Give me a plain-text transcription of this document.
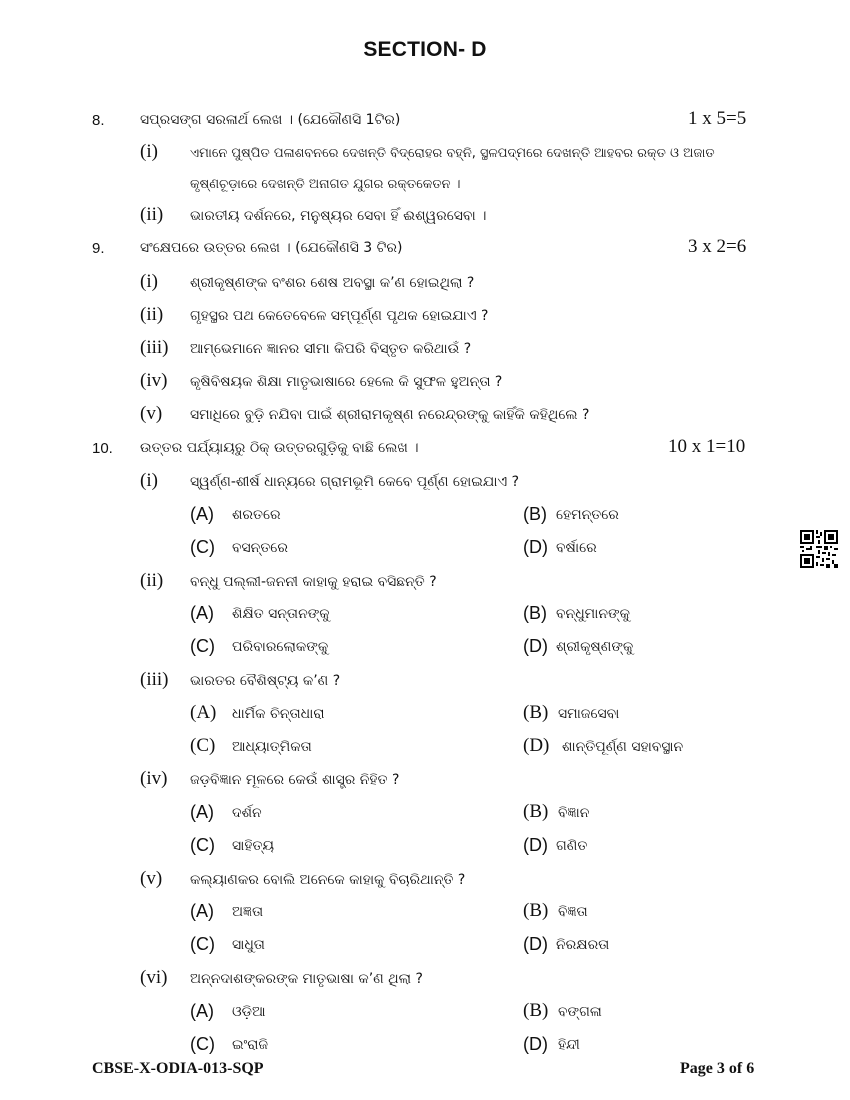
SECTION- D
8.	ସପ୍ରସଙ୍ଗ ସରଳାର୍ଥ ଲେଖ । (ଯେକୌଣସି 1ଟିର)	1 x 5=5
(i) ଏମାନେ ପୁଷ୍ପିତ ପଳାଶବନରେ ଦେଖନ୍ତି ବିଦ୍ରୋହର ବହ୍ନି, ସ୍ଥଳପଦ୍ମରେ ଦେଖନ୍ତି ଆହବର ରକ୍ତ ଓ ଅଜାତ
କୃଷ୍ଣଚୂଡ଼ାରେ ଦେଖନ୍ତି ଅନାଗତ ଯୁଗର ରକ୍ତକେତନ ।
(ii) ଭାରତୀୟ ଦର୍ଶନରେ, ମନୁଷ୍ୟର ସେବା ହିଁ ଈଶ୍ୱରସେବା ।
9.	ସଂକ୍ଷେପରେ ଉତ୍ତର ଲେଖ । (ଯେକୌଣସି 3 ଟିର)	3 x 2=6
(i) ଶ୍ରୀକୃଷ୍ଣଙ୍କ ବଂଶର ଶେଷ ଅବସ୍ଥା କ’ଣ ହୋଇଥିଲା ?
(ii) ଗୃହସ୍ଥର ପଥ କେତେବେଳେ ସମ୍ପୂର୍ଣ୍ଣ ପୃଥକ ହୋଇଯାଏ ?
(iii) ଆମ୍ଭେମାନେ ଜ୍ଞାନର ସୀମା କିପରି ବିସ୍ତୃତ କରିଥାଉଁ ?
(iv) କୃଷିବିଷୟକ ଶିକ୍ଷା ମାତୃଭାଷାରେ ହେଲେ କି ସୁଫଳ ହୁଅନ୍ତା ?
(v) ସମାଧିରେ ବୁଡ଼ି ନଯିବା ପାଇଁ ଶ୍ରୀରାମକୃଷ୍ଣ ନରେନ୍ଦ୍ରଙ୍କୁ କାହିଁକି କହିଥିଲେ ?
10. ଉତ୍ତର ପର୍ଯ୍ୟାୟରୁ ଠିକ୍ ଉତ୍ତରଗୁଡ଼ିକୁ ବାଛି ଲେଖ ।	10 x 1=10
(i) ସ୍ୱର୍ଣ୍ଣ-ଶୀର୍ଷ ଧାନ୍ୟରେ ଗ୍ରାମଭୂମି କେବେ ପୂର୍ଣ୍ଣ ହୋଇଯାଏ ?
(A) ଶରତରେ	(B) ହେମନ୍ତରେ
(C) ବସନ୍ତରେ	(D) ବର୍ଷାରେ
(ii) ବନ୍ଧୁ ପଲ୍ଲୀ-ଜନନୀ କାହାକୁ ହରାଇ ବସିଛନ୍ତି ?
(A) ଶିକ୍ଷିତ ସନ୍ତାନଙ୍କୁ	(B) ବନ୍ଧୁମାନଙ୍କୁ
(C) ପରିବାରଲୋକଙ୍କୁ	(D) ଶ୍ରୀକୃଷ୍ଣଙ୍କୁ
(iii) ଭାରତର ବୈଶିଷ୍ଟ୍ୟ କ’ଣ ?
(A) ଧାର୍ମିକ ଚିନ୍ତାଧାରା	(B) ସମାଜସେବା
(C) ଆଧ୍ୟାତ୍ମିକତା	(D) ଶାନ୍ତିପୂର୍ଣ୍ଣ ସହାବସ୍ଥାନ
(iv) ଜଡ଼ବିଜ୍ଞାନ ମୂଳରେ କେଉଁ ଶାସ୍ତ୍ର ନିହିତ ?
(A) ଦର୍ଶନ	(B) ବିଜ୍ଞାନ
(C) ସାହିତ୍ୟ	(D) ଗଣିତ
(v) କଲ୍ୟାଣକର ବୋଲି ଅନେକେ କାହାକୁ ବିଚାରିଥାନ୍ତି ?
(A) ଅଜ୍ଞତା	(B) ବିଜ୍ଞତା
(C) ସାଧୁତା	(D) ନିରକ୍ଷରତା
(vi) ଅନ୍ନଦାଶଙ୍କରଙ୍କ ମାତୃଭାଷା କ’ଣ ଥିଲା ?
(A) ଓଡ଼ିଆ	(B) ବଙ୍ଗଳା
(C) ଇଂରାଜି	(D) ହିନ୍ଦୀ
CBSE-X-ODIA-013-SQP	Page 3 of 6
